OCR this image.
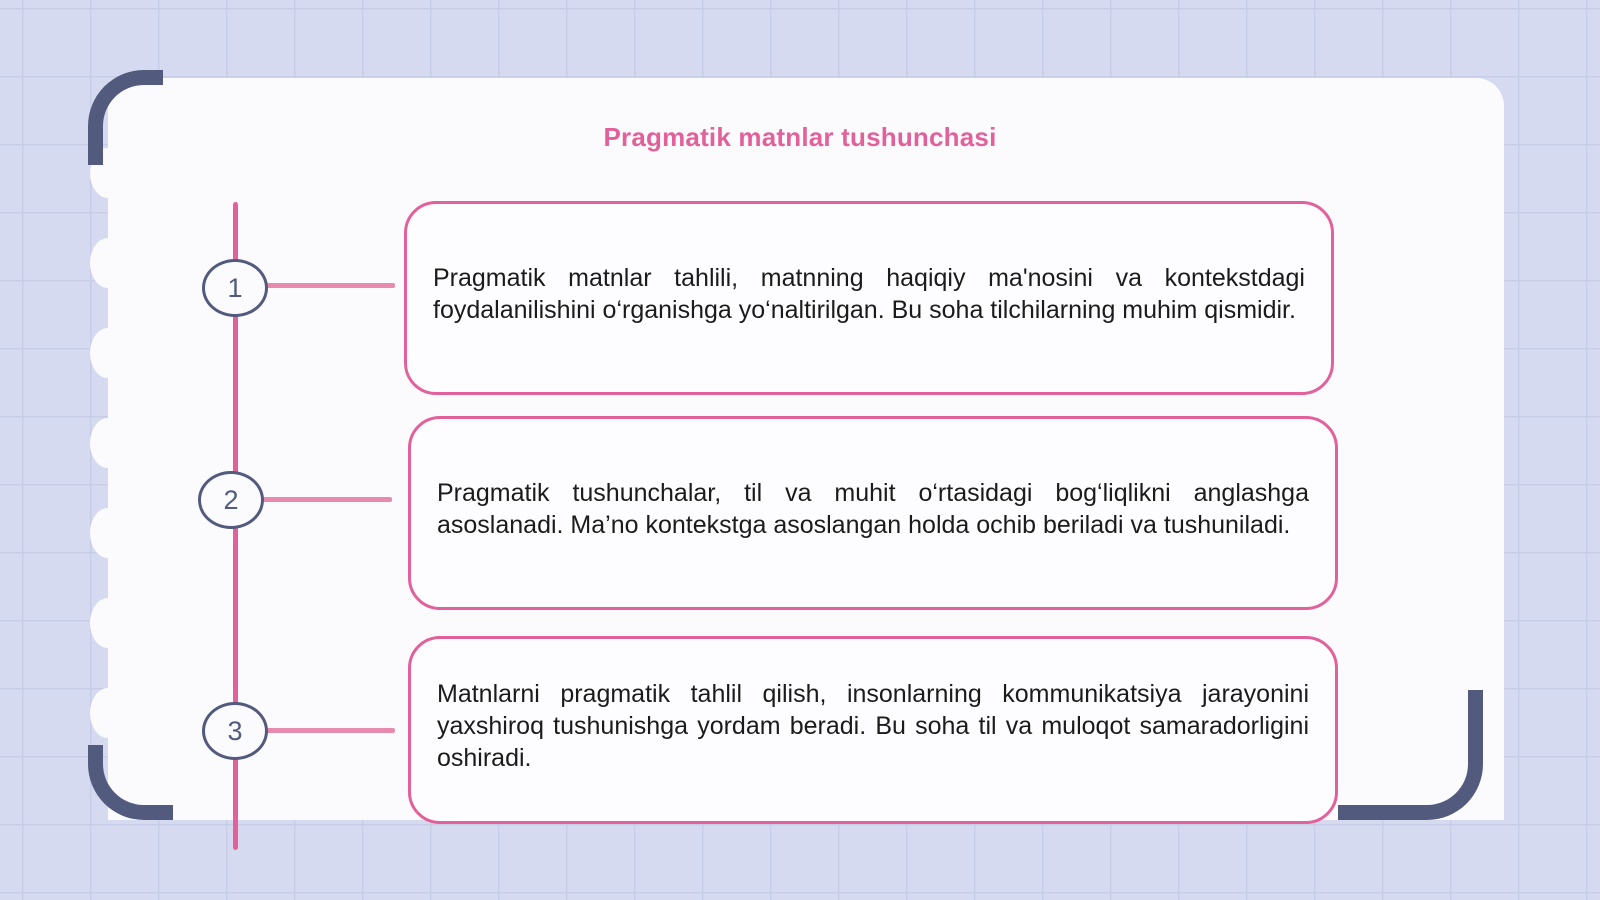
Pragmatik matnlar tushunchasi
1
2
3
Pragmatik matnlar tahlili, matnning haqiqiy ma'nosini va kontekstdagi foydalanilishini o‘rganishga yo‘naltirilgan. Bu soha tilchilarning muhim qismidir.
Pragmatik tushunchalar, til va muhit o‘rtasidagi bog‘liqlikni anglashga asoslanadi. Ma’no kontekstga asoslangan holda ochib beriladi va tushuniladi.
Matnlarni pragmatik tahlil qilish, insonlarning kommunikatsiya jarayonini yaxshiroq tushunishga yordam beradi. Bu soha til va muloqot samaradorligini oshiradi.
